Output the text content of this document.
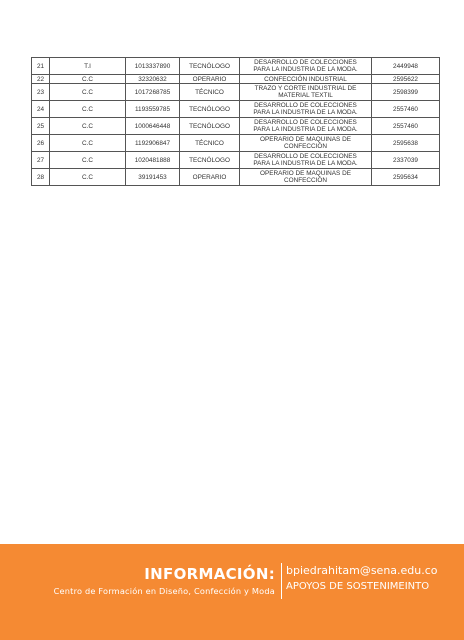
21	T.I	1013337890	TECNÓLOGO	DESARROLLO DE COLECCIONES
PARA LA INDUSTRIA DE LA MODA.	2449948
22	C.C	32320632	OPERARIO	CONFECCIÓN INDUSTRIAL	2595622
23	C.C	1017268785	TÉCNICO	TRAZO Y CORTE INDUSTRIAL DE
MATERIAL TEXTIL	2598399
24	C.C	1193559785	TECNÓLOGO	DESARROLLO DE COLECCIONES
PARA LA INDUSTRIA DE LA MODA.	2557460
25	C.C	1000646448	TECNÓLOGO	DESARROLLO DE COLECCIONES
PARA LA INDUSTRIA DE LA MODA.	2557460
26	C.C	1192906847	TÉCNICO	OPERARIO DE MAQUINAS DE
CONFECCIÓN	2595638
27	C.C	1020481888	TECNÓLOGO	DESARROLLO DE COLECCIONES
PARA LA INDUSTRIA DE LA MODA.	2337039
28	C.C	39191453	OPERARIO	OPERARIO DE MAQUINAS DE
CONFECCIÓN	2595634
INFORMACIÓN:
Centro de Formación en Diseño, Confección y Moda
bpiedrahitam@sena.edu.co
APOYOS DE SOSTENIMEINTO
